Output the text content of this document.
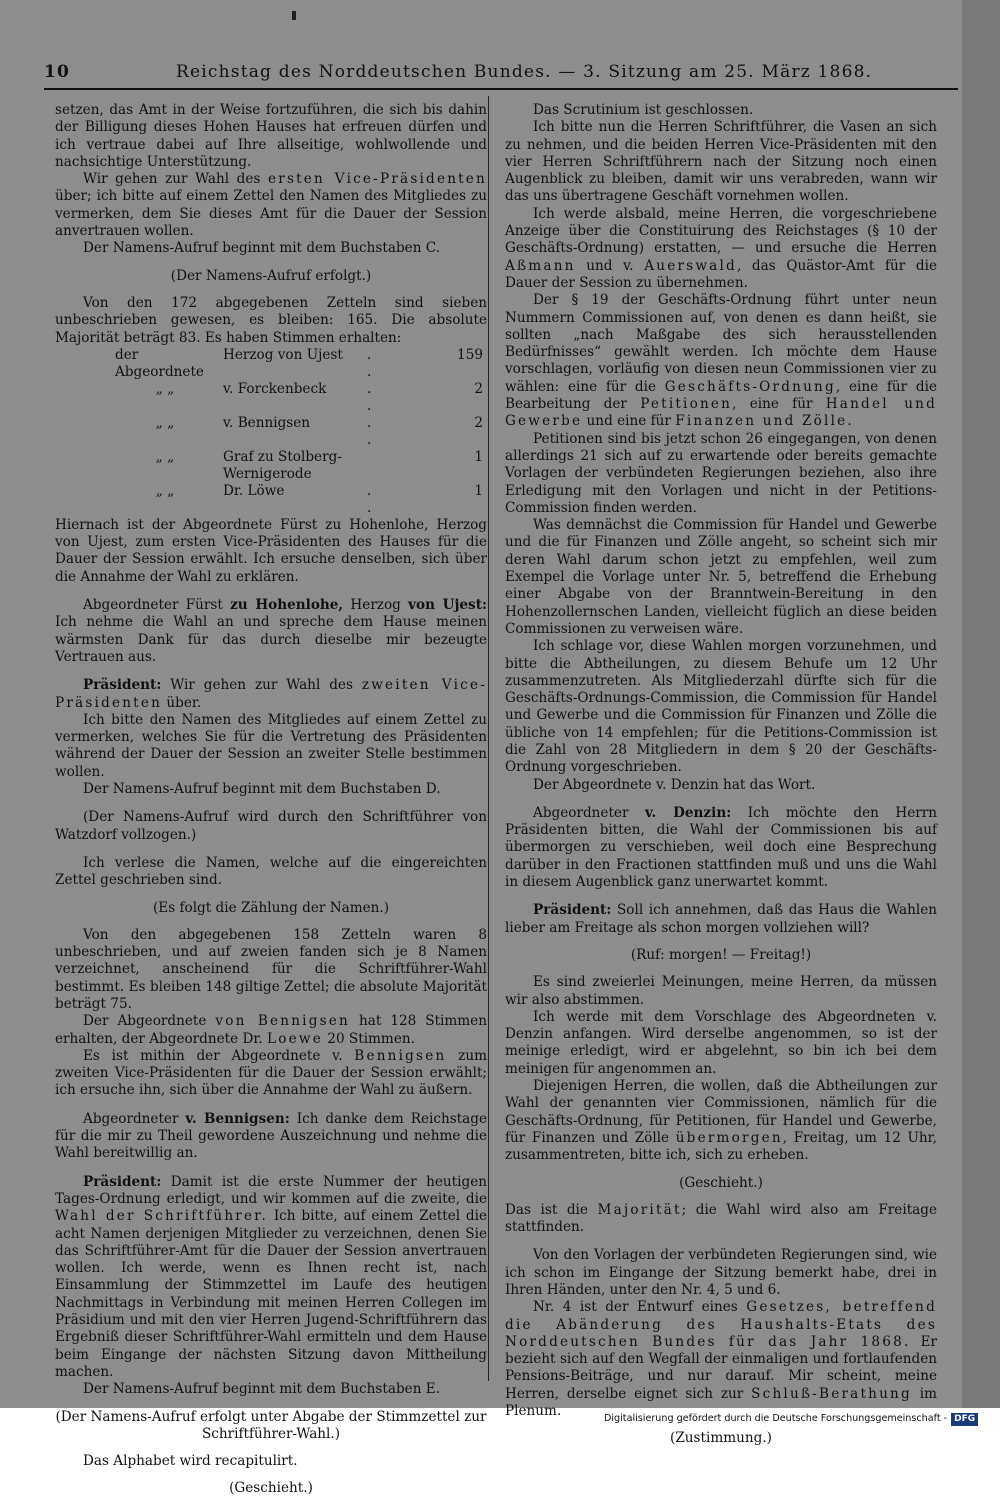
10	Reichstag des Norddeutschen Bundes. — 3. Sitzung am 25. März 1868.

setzen, das Amt in der Weise fortzuführen, die sich bis dahin der Billigung dieses Hohen Hauses hat erfreuen dürfen und ich vertraue dabei auf Ihre allseitige, wohlwollende und nachsichtige Unterstützung.

Wir gehen zur Wahl des ersten Vice-Präsidenten über; ich bitte auf einem Zettel den Namen des Mitgliedes zu vermerken, dem Sie dieses Amt für die Dauer der Session anvertrauen wollen.

Der Namens-Aufruf beginnt mit dem Buchstaben C.

(Der Namens-Aufruf erfolgt.)

Von den 172 abgegebenen Zetteln sind sieben unbeschrieben gewesen, es bleiben: 165. Die absolute Majorität beträgt 83. Es haben Stimmen erhalten:

der Abgeordnete	Herzog von Ujest	. .	159
„ „	v. Forckenbeck	. .	2
„ „	v. Bennigsen	. .	2
„ „	Graf zu Stolberg-Wernigerode		1
„ „	Dr. Löwe	. .	1

Hiernach ist der Abgeordnete Fürst zu Hohenlohe, Herzog von Ujest, zum ersten Vice-Präsidenten des Hauses für die Dauer der Session erwählt. Ich ersuche denselben, sich über die Annahme der Wahl zu erklären.

Abgeordneter Fürst zu Hohenlohe, Herzog von Ujest: Ich nehme die Wahl an und spreche dem Hause meinen wärmsten Dank für das durch dieselbe mir bezeugte Vertrauen aus.

Präsident: Wir gehen zur Wahl des zweiten Vice-Präsidenten über.

Ich bitte den Namen des Mitgliedes auf einem Zettel zu vermerken, welches Sie für die Vertretung des Präsidenten während der Dauer der Session an zweiter Stelle bestimmen wollen.

Der Namens-Aufruf beginnt mit dem Buchstaben D.

(Der Namens-Aufruf wird durch den Schriftführer von Watzdorf vollzogen.)

Ich verlese die Namen, welche auf die eingereichten Zettel geschrieben sind.

(Es folgt die Zählung der Namen.)

Von den abgegebenen 158 Zetteln waren 8 unbeschrieben, und auf zweien fanden sich je 8 Namen verzeichnet, anscheinend für die Schriftführer-Wahl bestimmt. Es bleiben 148 giltige Zettel; die absolute Majorität beträgt 75.

Der Abgeordnete von Bennigsen hat 128 Stimmen erhalten, der Abgeordnete Dr. Loewe 20 Stimmen.

Es ist mithin der Abgeordnete v. Bennigsen zum zweiten Vice-Präsidenten für die Dauer der Session erwählt; ich ersuche ihn, sich über die Annahme der Wahl zu äußern.

Abgeordneter v. Bennigsen: Ich danke dem Reichstage für die mir zu Theil gewordene Auszeichnung und nehme die Wahl bereitwillig an.

Präsident: Damit ist die erste Nummer der heutigen Tages-Ordnung erledigt, und wir kommen auf die zweite, die Wahl der Schriftführer. Ich bitte, auf einem Zettel die acht Namen derjenigen Mitglieder zu verzeichnen, denen Sie das Schriftführer-Amt für die Dauer der Session anvertrauen wollen. Ich werde, wenn es Ihnen recht ist, nach Einsammlung der Stimmzettel im Laufe des heutigen Nachmittags in Verbindung mit meinen Herren Collegen im Präsidium und mit den vier Herren Jugend-Schriftführern das Ergebniß dieser Schriftführer-Wahl ermitteln und dem Hause beim Eingange der nächsten Sitzung davon Mittheilung machen.

Der Namens-Aufruf beginnt mit dem Buchstaben E.

(Der Namens-Aufruf erfolgt unter Abgabe der Stimmzettel zur Schriftführer-Wahl.)

Das Alphabet wird recapitulirt.

(Geschieht.)

Das Scrutinium ist geschlossen.

Ich bitte nun die Herren Schriftführer, die Vasen an sich zu nehmen, und die beiden Herren Vice-Präsidenten mit den vier Herren Schriftführern nach der Sitzung noch einen Augenblick zu bleiben, damit wir uns verabreden, wann wir das uns übertragene Geschäft vornehmen wollen.

Ich werde alsbald, meine Herren, die vorgeschriebene Anzeige über die Constituirung des Reichstages (§ 10 der Geschäfts-Ordnung) erstatten, — und ersuche die Herren Aßmann und v. Auerswald, das Quästor-Amt für die Dauer der Session zu übernehmen.

Der § 19 der Geschäfts-Ordnung führt unter neun Nummern Commissionen auf, von denen es dann heißt, sie sollten „nach Maßgabe des sich herausstellenden Bedürfnisses“ gewählt werden. Ich möchte dem Hause vorschlagen, vorläufig von diesen neun Commissionen vier zu wählen: eine für die Geschäfts-Ordnung, eine für die Bearbeitung der Petitionen, eine für Handel und Gewerbe und eine für Finanzen und Zölle.

Petitionen sind bis jetzt schon 26 eingegangen, von denen allerdings 21 sich auf zu erwartende oder bereits gemachte Vorlagen der verbündeten Regierungen beziehen, also ihre Erledigung mit den Vorlagen und nicht in der Petitions-Commission finden werden.

Was demnächst die Commission für Handel und Gewerbe und die für Finanzen und Zölle angeht, so scheint sich mir deren Wahl darum schon jetzt zu empfehlen, weil zum Exempel die Vorlage unter Nr. 5, betreffend die Erhebung einer Abgabe von der Branntwein-Bereitung in den Hohenzollernschen Landen, vielleicht füglich an diese beiden Commissionen zu verweisen wäre.

Ich schlage vor, diese Wahlen morgen vorzunehmen, und bitte die Abtheilungen, zu diesem Behufe um 12 Uhr zusammenzutreten. Als Mitgliederzahl dürfte sich für die Geschäfts-Ordnungs-Commission, die Commission für Handel und Gewerbe und die Commission für Finanzen und Zölle die übliche von 14 empfehlen; für die Petitions-Commission ist die Zahl von 28 Mitgliedern in dem § 20 der Geschäfts-Ordnung vorgeschrieben.

Der Abgeordnete v. Denzin hat das Wort.

Abgeordneter v. Denzin: Ich möchte den Herrn Präsidenten bitten, die Wahl der Commissionen bis auf übermorgen zu verschieben, weil doch eine Besprechung darüber in den Fractionen stattfinden muß und uns die Wahl in diesem Augenblick ganz unerwartet kommt.

Präsident: Soll ich annehmen, daß das Haus die Wahlen lieber am Freitage als schon morgen vollziehen will?

(Ruf: morgen! — Freitag!)

Es sind zweierlei Meinungen, meine Herren, da müssen wir also abstimmen.

Ich werde mit dem Vorschlage des Abgeordneten v. Denzin anfangen. Wird derselbe angenommen, so ist der meinige erledigt, wird er abgelehnt, so bin ich bei dem meinigen für angenommen an.

Diejenigen Herren, die wollen, daß die Abtheilungen zur Wahl der genannten vier Commissionen, nämlich für die Geschäfts-Ordnung, für Petitionen, für Handel und Gewerbe, für Finanzen und Zölle übermorgen, Freitag, um 12 Uhr, zusammentreten, bitte ich, sich zu erheben.

(Geschieht.)

Das ist die Majorität; die Wahl wird also am Freitage stattfinden.

Von den Vorlagen der verbündeten Regierungen sind, wie ich schon im Eingange der Sitzung bemerkt habe, drei in Ihren Händen, unter den Nr. 4, 5 und 6.

Nr. 4 ist der Entwurf eines Gesetzes, betreffend die Abänderung des Haushalts-Etats des Norddeutschen Bundes für das Jahr 1868. Er bezieht sich auf den Wegfall der einmaligen und fortlaufenden Pensions-Beiträge, und nur darauf. Mir scheint, meine Herren, derselbe eignet sich zur Schluß-Berathung im Plenum.

(Zustimmung.)

Digitalisierung gefördert durch die Deutsche Forschungsgemeinschaft - DFG
